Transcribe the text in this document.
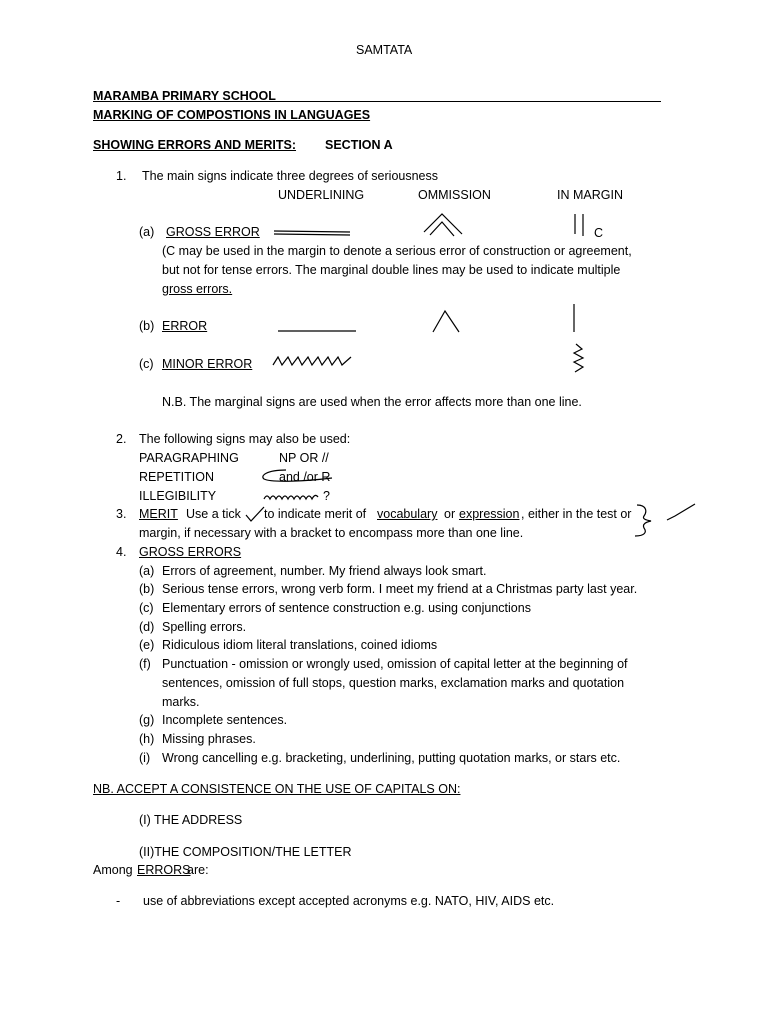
SAMTATA
MARAMBA PRIMARY SCHOOL
MARKING OF COMPOSTIONS IN LANGUAGES
SHOWING ERRORS AND MERITS: SECTION A
1. The main signs indicate three degrees of seriousness
UNDERLINING	OMMISSION	IN MARGIN
(a) GROSS ERROR	C
(C may be used in the margin to denote a serious error of construction or agreement,
but not for tense errors. The marginal double lines may be used to indicate multiple
gross errors.
(b) ERROR
(c) MINOR ERROR
N.B. The marginal signs are used when the error affects more than one line.
2. The following signs may also be used:
PARAGRAPHING	NP OR //
REPETITION	and /or R
ILLEGIBILITY	?
3. MERIT Use a tick to indicate merit of vocabulary or expression , either in the test or
margin, if necessary with a bracket to encompass more than one line.
4. GROSS ERRORS
(a) Errors of agreement, number. My friend always look smart.
(b) Serious tense errors, wrong verb form. I meet my friend at a Christmas party last year.
(c) Elementary errors of sentence construction e.g. using conjunctions
(d) Spelling errors.
(e) Ridiculous idiom literal translations, coined idioms
(f) Punctuation - omission or wrongly used, omission of capital letter at the beginning of
sentences, omission of full stops, question marks, exclamation marks and quotation
marks.
(g) Incomplete sentences.
(h) Missing phrases.
(i) Wrong cancelling e.g. bracketing, underlining, putting quotation marks, or stars etc.
NB. ACCEPT A CONSISTENCE ON THE USE OF CAPITALS ON:
(I) THE ADDRESS
(II)THE COMPOSITION/THE LETTER
Among ERRORS
are:
- use of abbreviations except accepted acronyms e.g. NATO, HIV, AIDS etc.
